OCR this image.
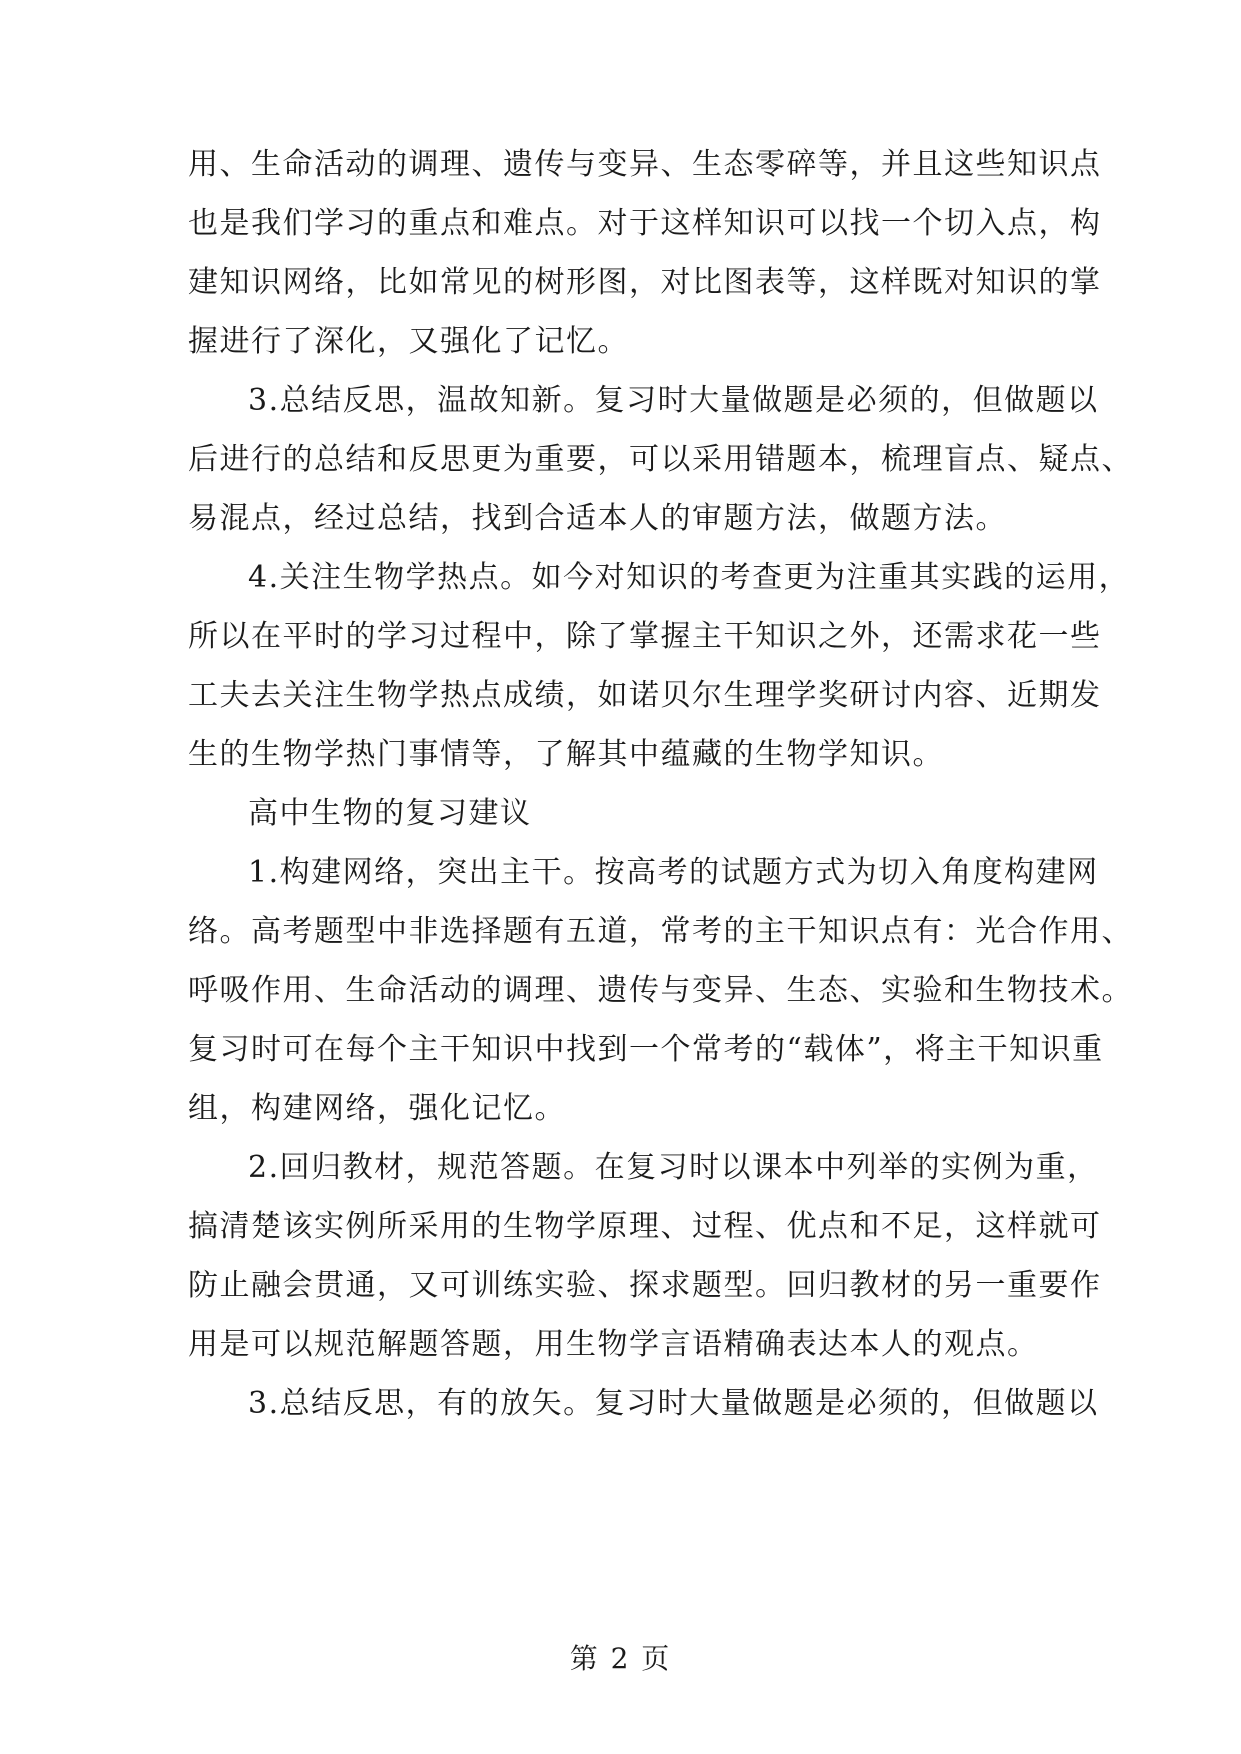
用、生命活动的调理、遗传与变异、生态零碎等，并且这些知识点
也是我们学习的重点和难点。对于这样知识可以找一个切入点，构
建知识网络，比如常见的树形图，对比图表等，这样既对知识的掌
握进行了深化，又强化了记忆。
3.总结反思，温故知新。复习时大量做题是必须的，但做题以
后进行的总结和反思更为重要，可以采用错题本，梳理盲点、疑点、
易混点，经过总结，找到合适本人的审题方法，做题方法。
4.关注生物学热点。如今对知识的考查更为注重其实践的运用，
所以在平时的学习过程中，除了掌握主干知识之外，还需求花一些
工夫去关注生物学热点成绩，如诺贝尔生理学奖研讨内容、近期发
生的生物学热门事情等，了解其中蕴藏的生物学知识。
高中生物的复习建议
1.构建网络，突出主干。按高考的试题方式为切入角度构建网
络。高考题型中非选择题有五道，常考的主干知识点有：光合作用、
呼吸作用、生命活动的调理、遗传与变异、生态、实验和生物技术。
复习时可在每个主干知识中找到一个常考的“载体”，将主干知识重
组，构建网络，强化记忆。
2.回归教材，规范答题。在复习时以课本中列举的实例为重，
搞清楚该实例所采用的生物学原理、过程、优点和不足，这样就可
防止融会贯通，又可训练实验、探求题型。回归教材的另一重要作
用是可以规范解题答题，用生物学言语精确表达本人的观点。
3.总结反思，有的放矢。复习时大量做题是必须的，但做题以
第 2 页
